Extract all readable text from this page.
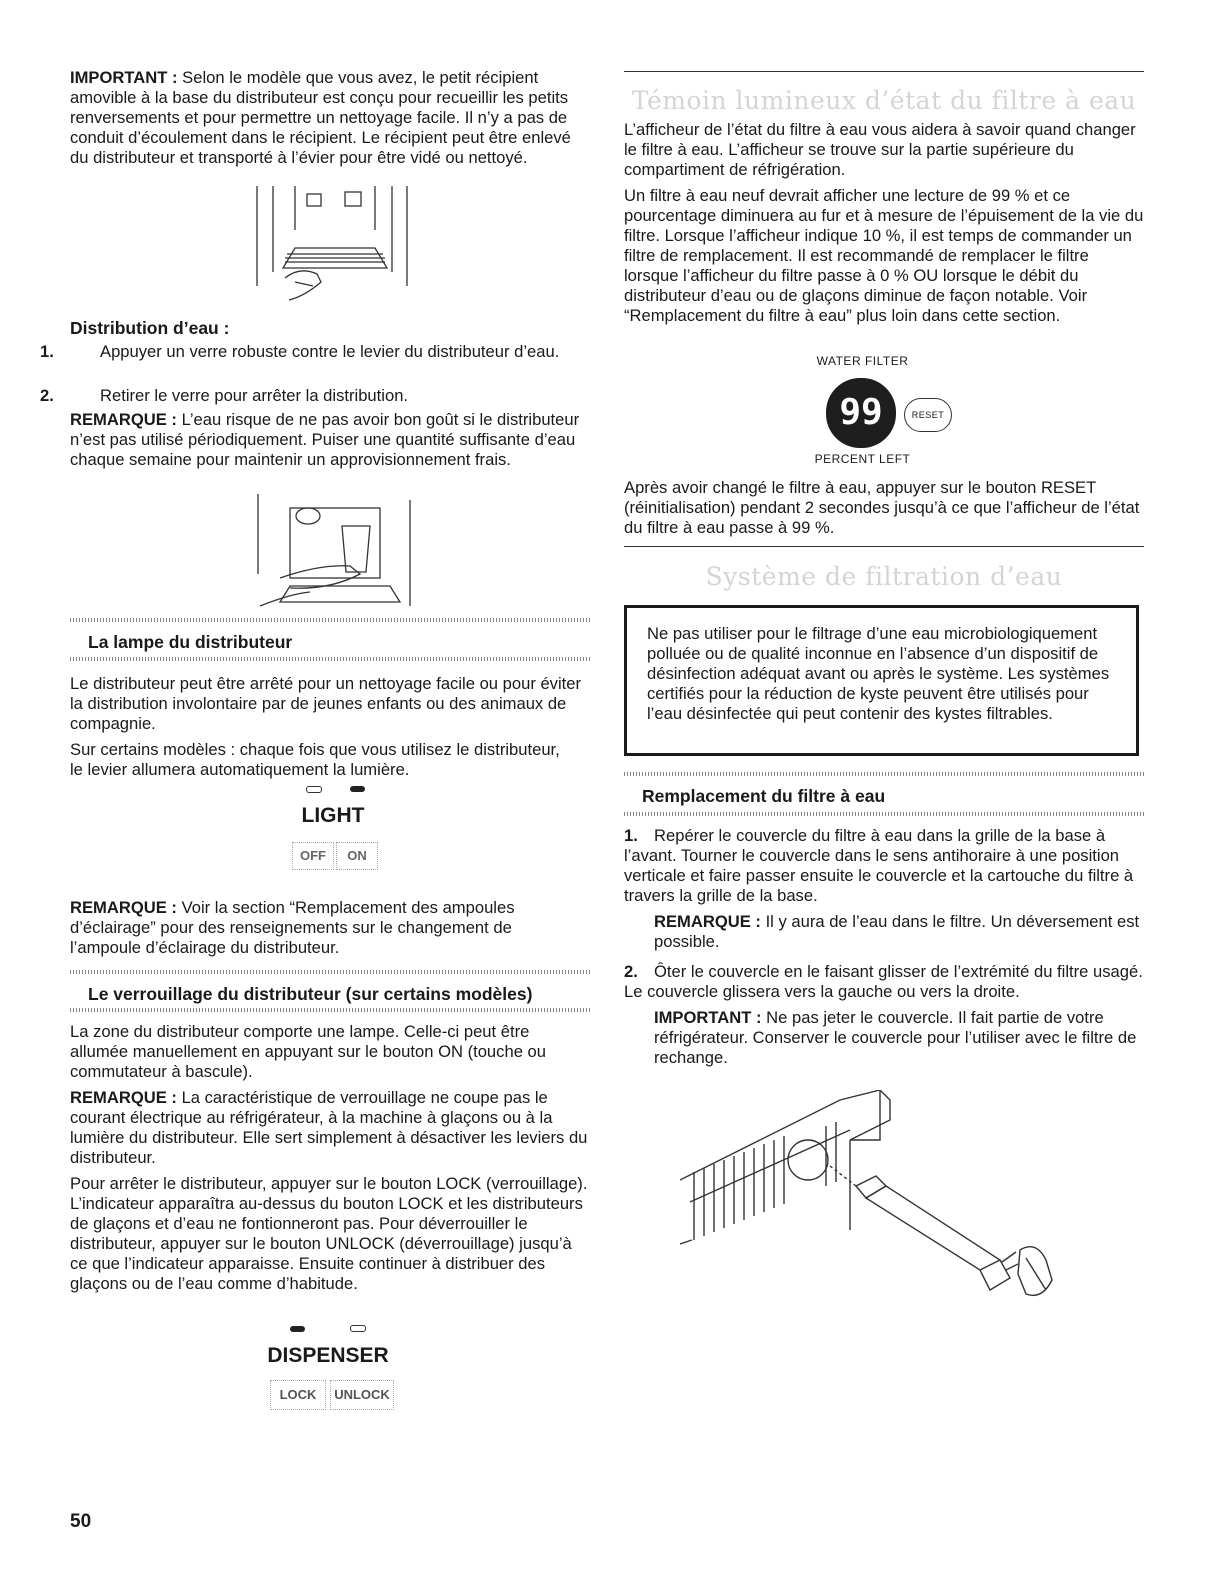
IMPORTANT : Selon le modèle que vous avez, le petit récipient amovible à la base du distributeur est conçu pour recueillir les petits renversements et pour permettre un nettoyage facile. Il n’y a pas de conduit d’écoulement dans le récipient. Le récipient peut être enlevé du distributeur et transporté à l’évier pour être vidé ou nettoyé.

Distribution d’eau :

1.	Appuyer un verre robuste contre le levier du distributeur d’eau.

2.	Retirer le verre pour arrêter la distribution.

REMARQUE : L’eau risque de ne pas avoir bon goût si le distributeur n’est pas utilisé périodiquement. Puiser une quantité suffisante d’eau chaque semaine pour maintenir un approvisionnement frais.

La lampe du distributeur

Le distributeur peut être arrêté pour un nettoyage facile ou pour éviter la distribution involontaire par de jeunes enfants ou des animaux de compagnie.

Sur certains modèles : chaque fois que vous utilisez le distributeur, le levier allumera automatiquement la lumière.

LIGHT
OFF	ON

REMARQUE : Voir la section “Remplacement des ampoules d’éclairage” pour des renseignements sur le changement de l’ampoule d’éclairage du distributeur.

Le verrouillage du distributeur (sur certains modèles)

La zone du distributeur comporte une lampe. Celle-ci peut être allumée manuellement en appuyant sur le bouton ON (touche ou commutateur à bascule).

REMARQUE : La caractéristique de verrouillage ne coupe pas le courant électrique au réfrigérateur, à la machine à glaçons ou à la lumière du distributeur. Elle sert simplement à désactiver les leviers du distributeur.

Pour arrêter le distributeur, appuyer sur le bouton LOCK (verrouillage). L’indicateur apparaîtra au-dessus du bouton LOCK et les distributeurs de glaçons et d’eau ne fontionneront pas. Pour déverrouiller le distributeur, appuyer sur le bouton UNLOCK (déverrouillage) jusqu’à ce que l’indicateur apparaisse. Ensuite continuer à distribuer des glaçons ou de l’eau comme d’habitude.

DISPENSER
LOCK	UNLOCK

50

Témoin lumineux d’état du filtre à eau

L’afficheur de l’état du filtre à eau vous aidera à savoir quand changer le filtre à eau. L’afficheur se trouve sur la partie supérieure du compartiment de réfrigération.

Un filtre à eau neuf devrait afficher une lecture de 99 % et ce pourcentage diminuera au fur et à mesure de l’épuisement de la vie du filtre. Lorsque l’afficheur indique 10 %, il est temps de commander un filtre de remplacement. Il est recommandé de remplacer le filtre lorsque l’afficheur du filtre passe à 0 % OU lorsque le débit du distributeur d’eau ou de glaçons diminue de façon notable. Voir “Remplacement du filtre à eau” plus loin dans cette section.

WATER FILTER
99	RESET
PERCENT LEFT

Après avoir changé le filtre à eau, appuyer sur le bouton RESET (réinitialisation) pendant 2 secondes jusqu’à ce que l’afficheur de l’état du filtre à eau passe à 99 %.

Système de filtration d’eau

Ne pas utiliser pour le filtrage d’une eau microbiologiquement polluée ou de qualité inconnue en l’absence d’un dispositif de désinfection adéquat avant ou après le système. Les systèmes certifiés pour la réduction de kyste peuvent être utilisés pour l’eau désinfectée qui peut contenir des kystes filtrables.

Remplacement du filtre à eau

1. Repérer le couvercle du filtre à eau dans la grille de la base à l’avant. Tourner le couvercle dans le sens antihoraire à une position verticale et faire passer ensuite le couvercle et la cartouche du filtre à travers la grille de la base.

REMARQUE : Il y aura de l’eau dans le filtre. Un déversement est possible.

2. Ôter le couvercle en le faisant glisser de l’extrémité du filtre usagé. Le couvercle glissera vers la gauche ou vers la droite.

IMPORTANT : Ne pas jeter le couvercle. Il fait partie de votre réfrigérateur. Conserver le couvercle pour l’utiliser avec le filtre de rechange.
